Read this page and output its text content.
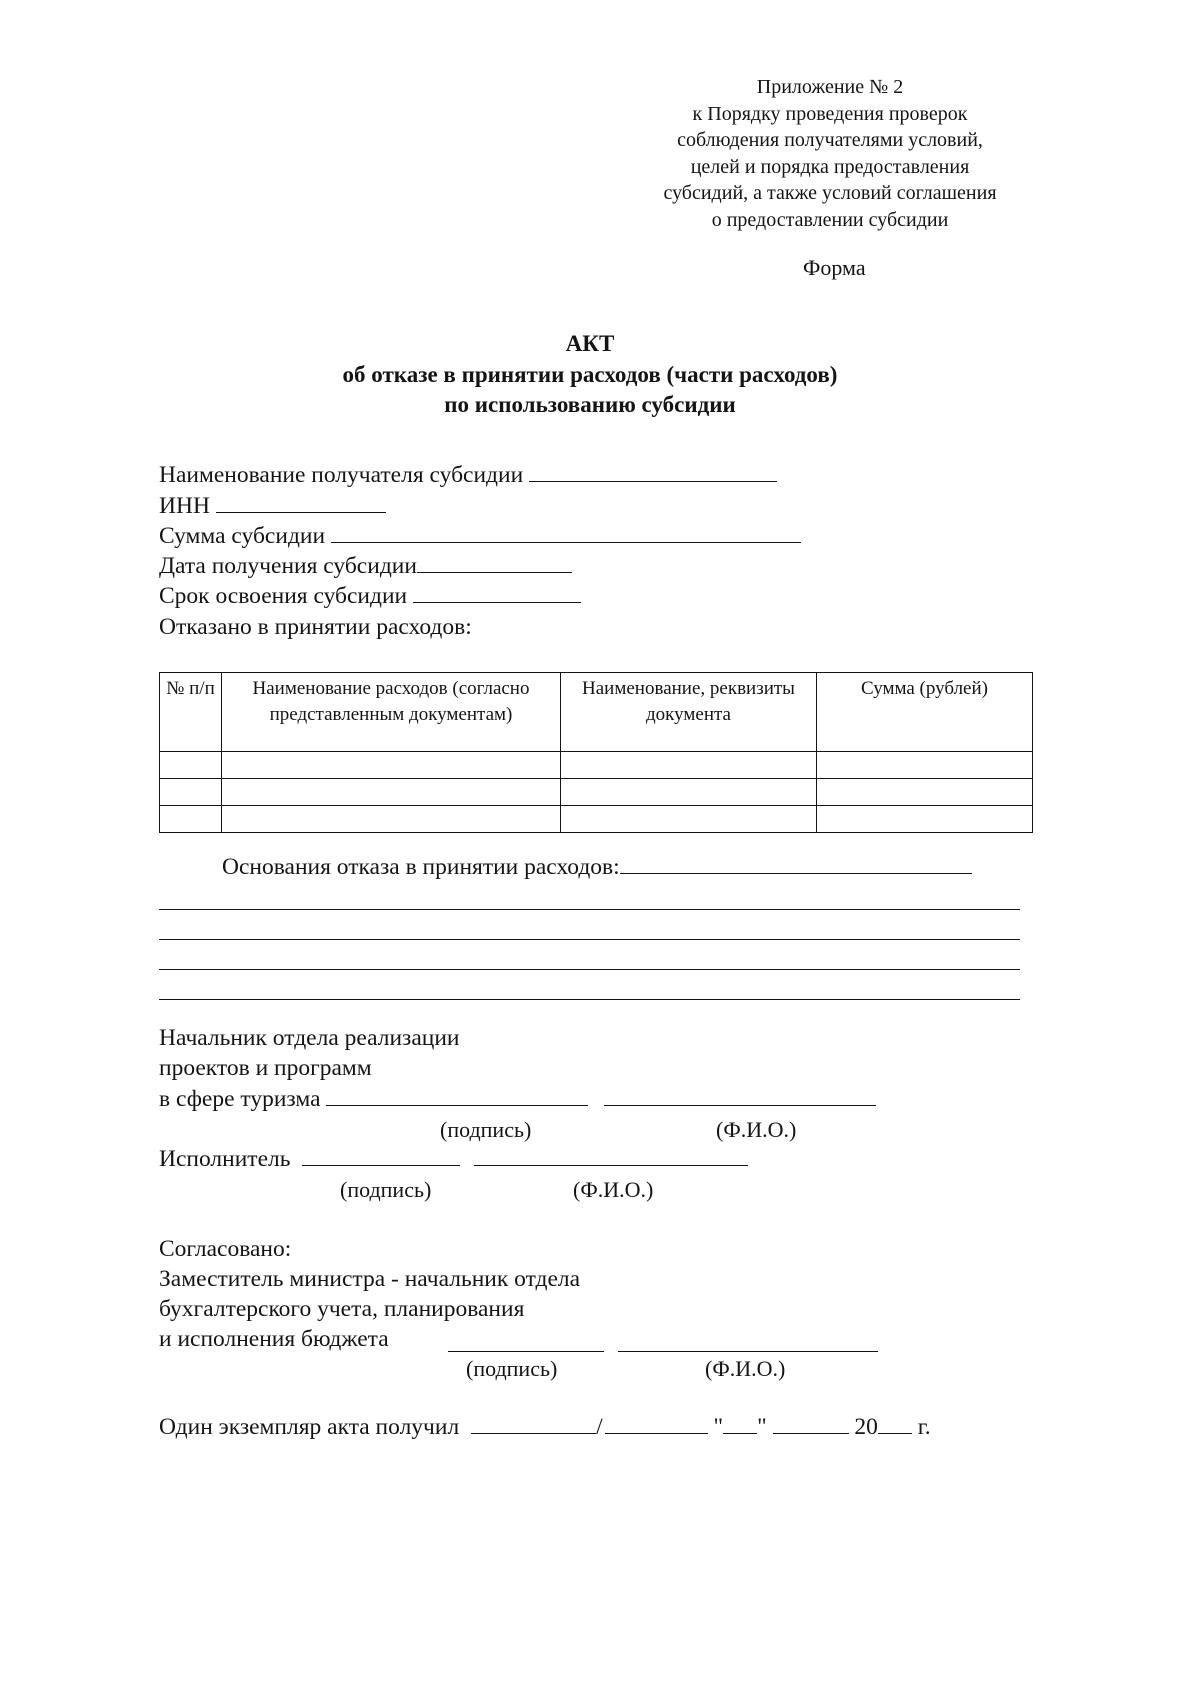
Приложение № 2
к Порядку проведения проверок
соблюдения получателями условий,
целей и порядка предоставления
субсидий, а также условий соглашения
о предоставлении субсидии
Форма
АКТ
об отказе в принятии расходов (части расходов)
по использованию субсидии
Наименование получателя субсидии
ИНН
Сумма субсидии
Дата получения субсидии
Срок освоения субсидии
Отказано в принятии расходов:
№ п/п	Наименование расходов (согласно представленным документам)	Наименование, реквизиты документа	Сумма (рублей)

Основания отказа в принятии расходов:
Начальник отдела реализации
проектов и программ
в сфере туризма
(подпись)	(Ф.И.О.)
Исполнитель
(подпись)	(Ф.И.О.)
Согласовано:
Заместитель министра - начальник отдела
бухгалтерского учета, планирования
и исполнения бюджета
(подпись)	(Ф.И.О.)
Один экземпляр акта получил	/	" "	20 г.
